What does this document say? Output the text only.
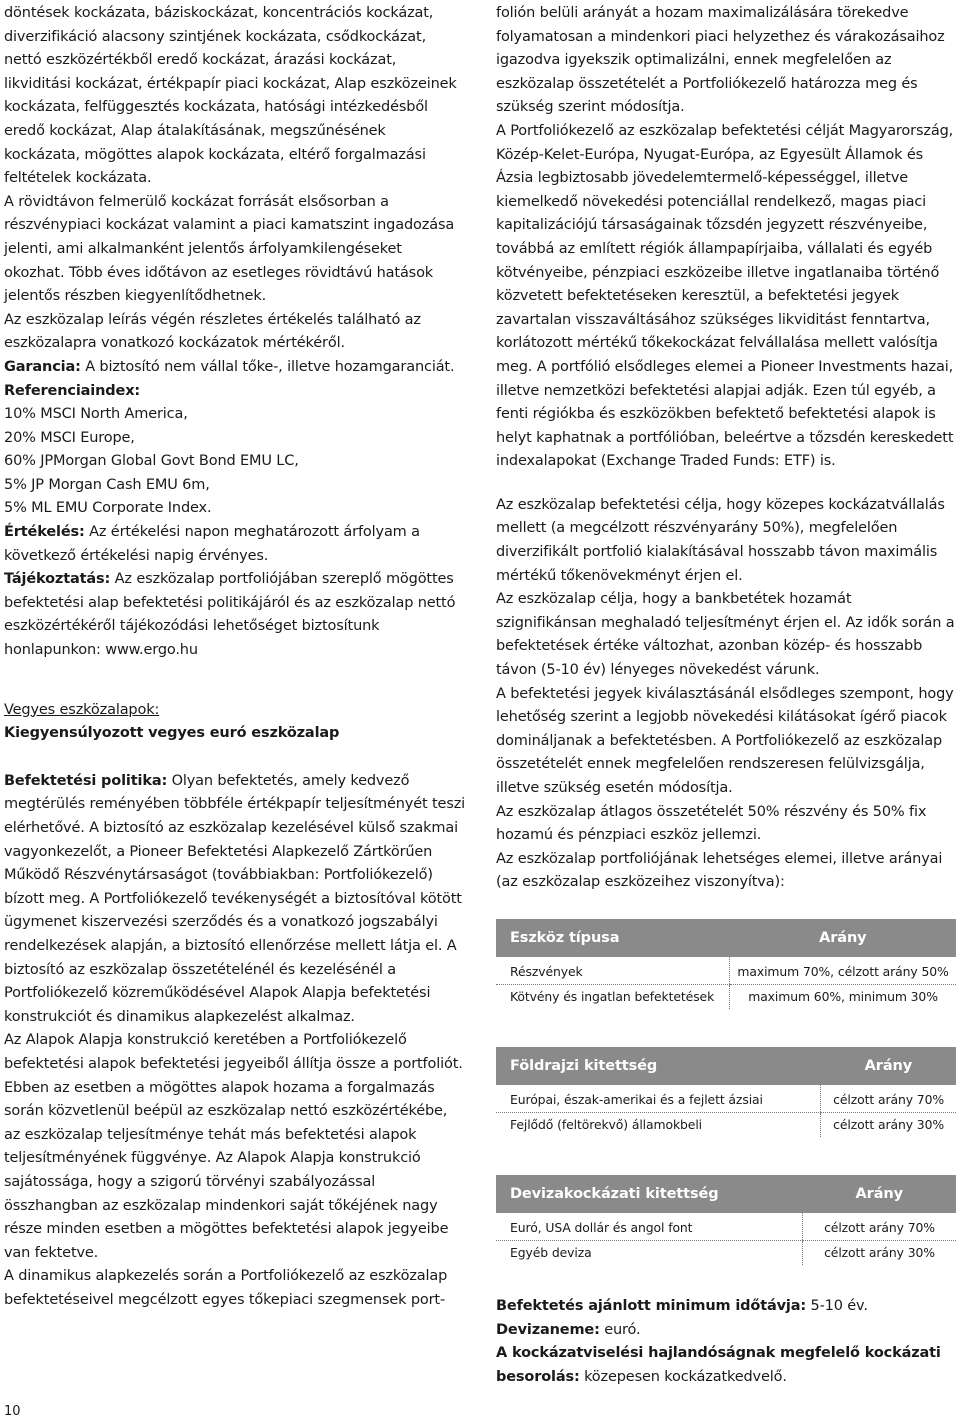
döntések kockázata, báziskockázat, koncentrációs kockázat, diverzifikáció alacsony szintjének kockázata, csődkockázat, nettó eszközértékből eredő kockázat, árazási kockázat, likviditási kockázat, értékpapír piaci kockázat, Alap eszközeinek kockázata, felfüggesztés kockázata, hatósági intézkedésből eredő kockázat, Alap átalakításának, megszűnésének kockázata, mögöttes alapok kockázata, eltérő forgalmazási feltételek kockázata.

A rövidtávon felmerülő kockázat forrását elsősorban a részvénypiaci kockázat valamint a piaci kamatszint ingadozása jelenti, ami alkalmanként jelentős árfolyamkilengéseket okozhat. Több éves időtávon az esetleges rövidtávú hatások jelentős részben kiegyenlítődhetnek.

Az eszközalap leírás végén részletes értékelés található az eszközalapra vonatkozó kockázatok mértékéről.

Garancia: A biztosító nem vállal tőke-, illetve hozamgaranciát.

Referenciaindex:

10% MSCI North America,

20% MSCI Europe,

60% JPMorgan Global Govt Bond EMU LC,

5% JP Morgan Cash EMU 6m,

5% ML EMU Corporate Index.

Értékelés: Az értékelési napon meghatározott árfolyam a következő értékelési napig érvényes.

Tájékoztatás: Az eszközalap portfoliójában szereplő mögöttes befektetési alap befektetési politikájáról és az eszközalap nettó eszközértékéről tájékozódási lehetőséget biztosítunk honlapunkon: www.ergo.hu

Vegyes eszközalapok:

Kiegyensúlyozott vegyes euró eszközalap

Befektetési politika: Olyan befektetés, amely kedvező megtérülés reményében többféle értékpapír teljesítményét teszi elérhetővé. A biztosító az eszközalap kezelésével külső szakmai vagyonkezelőt, a Pioneer Befektetési Alapkezelő Zártkörűen Működő Részvénytársaságot (továbbiakban: Portfoliókezelő) bízott meg. A Portfoliókezelő tevékenységét a biztosítóval kötött ügymenet kiszervezési szerződés és a vonatkozó jogszabályi rendelkezések alapján, a biztosító ellenőrzése mellett látja el. A biztosító az eszközalap összetételénél és kezelésénél a Portfoliókezelő közreműködésével Alapok Alapja befektetési konstrukciót és dinamikus alapkezelést alkalmaz.

Az Alapok Alapja konstrukció keretében a Portfoliókezelő befektetési alapok befektetési jegyeiből állítja össze a portfoliót. Ebben az esetben a mögöttes alapok hozama a forgalmazás során közvetlenül beépül az eszközalap nettó eszközértékébe, az eszközalap teljesítménye tehát más befektetési alapok teljesítményének függvénye. Az Alapok Alapja konstrukció sajátossága, hogy a szigorú törvényi szabályozással összhangban az eszközalap mindenkori saját tőkéjének nagy része minden esetben a mögöttes befektetési alapok jegyeibe van fektetve.

A dinamikus alapkezelés során a Portfoliókezelő az eszközalap befektetéseivel megcélzott egyes tőkepiaci szegmensek port-

folión belüli arányát a hozam maximalizálására törekedve folyamatosan a mindenkori piaci helyzethez és várakozásaihoz igazodva igyekszik optimalizálni, ennek megfelelően az eszközalap összetételét a Portfoliókezelő határozza meg és szükség szerint módosítja.

A Portfoliókezelő az eszközalap befektetési célját Magyarország, Közép-Kelet-Európa, Nyugat-Európa, az Egyesült Államok és Ázsia legbiztosabb jövedelemtermelő-képességgel, illetve kiemelkedő növekedési potenciállal rendelkező, magas piaci kapitalizációjú társaságainak tőzsdén jegyzett részvényeibe, továbbá az említett régiók állampapírjaiba, vállalati és egyéb kötvényeibe, pénzpiaci eszközeibe illetve ingatlanaiba történő közvetett befektetéseken keresztül, a befektetési jegyek zavartalan visszaváltásához szükséges likviditást fenntartva, korlátozott mértékű tőkekockázat felvállalása mellett valósítja meg. A portfólió elsődleges elemei a Pioneer Investments hazai, illetve nemzetközi befektetési alapjai adják. Ezen túl egyéb, a fenti régiókba és eszközökben befektető befektetési alapok is helyt kaphatnak a portfólióban, beleértve a tőzsdén kereskedett indexalapokat (Exchange Traded Funds: ETF) is.

Az eszközalap befektetési célja, hogy közepes kockázatvállalás mellett (a megcélzott részvényarány 50%), megfelelően diverzifikált portfolió kialakításával hosszabb távon maximális mértékű tőkenövekményt érjen el.

Az eszközalap célja, hogy a bankbetétek hozamát szignifikánsan meghaladó teljesítményt érjen el. Az idők során a befektetések értéke változhat, azonban közép- és hosszabb távon (5-10 év) lényeges növekedést várunk.

A befektetési jegyek kiválasztásánál elsődleges szempont, hogy lehetőség szerint a legjobb növekedési kilátásokat ígérő piacok domináljanak a befektetésben. A Portfoliókezelő az eszközalap összetételét ennek megfelelően rendszeresen felülvizsgálja, illetve szükség esetén módosítja.

Az eszközalap átlagos összetételét 50% részvény és 50% fix hozamú és pénzpiaci eszköz jellemzi.

Az eszközalap portfoliójának lehetséges elemei, illetve arányai (az eszközalap eszközeihez viszonyítva):

Eszköz típusa	Arány
Részvények	maximum 70%, célzott arány 50%
Kötvény és ingatlan befektetések	maximum 60%, minimum 30%
Földrajzi kitettség	Arány
Európai, észak-amerikai és a fejlett ázsiai	célzott arány 70%
Fejlődő (feltörekvő) államokbeli	célzott arány 30%
Devizakockázati kitettség	Arány
Euró, USA dollár és angol font	célzott arány 70%
Egyéb deviza	célzott arány 30%

Befektetés ajánlott minimum időtávja: 5-10 év.

Devizaneme: euró.

A kockázatviselési hajlandóságnak megfelelő kockázati besorolás: közepesen kockázatkedvelő.

10
